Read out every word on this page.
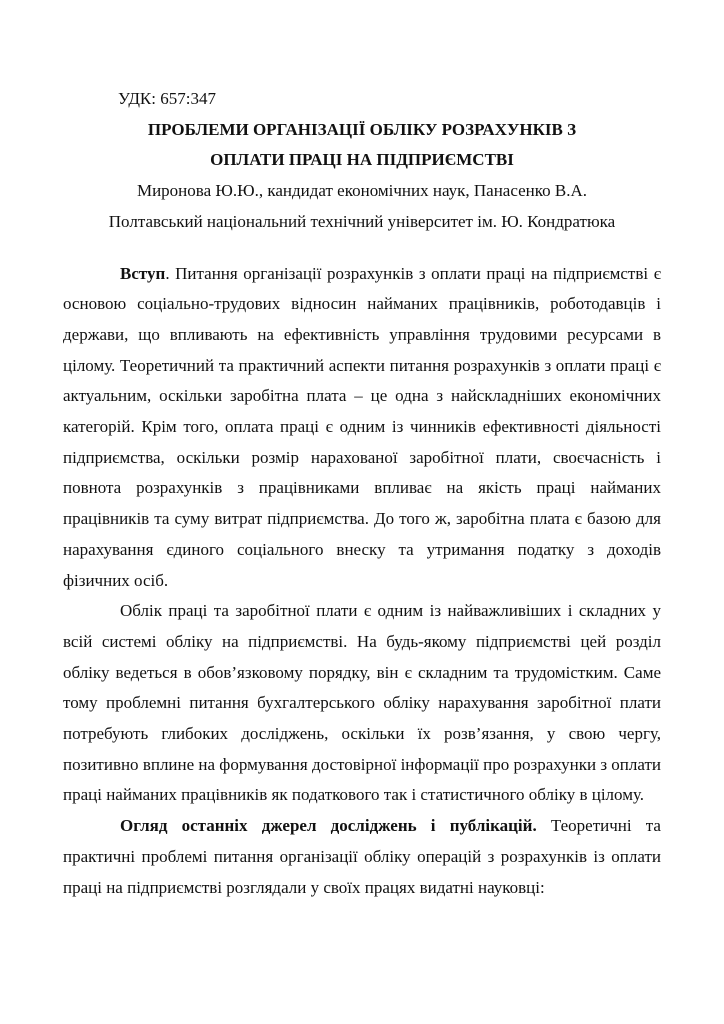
УДК: 657:347

ПРОБЛЕМИ ОРГАНІЗАЦІЇ ОБЛІКУ РОЗРАХУНКІВ З
ОПЛАТИ ПРАЦІ НА ПІДПРИЄМСТВІ

Миронова Ю.Ю., кандидат економічних наук, Панасенко В.А.

Полтавський національний технічний університет ім. Ю. Кондратюка

Вступ. Питання організації розрахунків з оплати праці на підприємстві є основою соціально-трудових відносин найманих працівників, роботодавців і держави, що впливають на ефективність управління трудовими ресурсами в цілому. Теоретичний та практичний аспекти питання розрахунків з оплати праці є актуальним, оскільки заробітна плата – це одна з найскладніших економічних категорій. Крім того, оплата праці є одним із чинників ефективності діяльності підприємства, оскільки розмір нарахованої заробітної плати, своєчасність і повнота розрахунків з працівниками впливає на якість праці найманих працівників та суму витрат підприємства. До того ж, заробітна плата є базою для нарахування єдиного соціального внеску та утримання податку з доходів фізичних осіб.

Облік праці та заробітної плати є одним із найважливіших і складних у всій системі обліку на підприємстві. На будь-якому підприємстві цей розділ обліку ведеться в обов’язковому порядку, він є складним та трудомістким. Саме тому проблемні питання бухгалтерського обліку нарахування заробітної плати потребують глибоких досліджень, оскільки їх розв’язання, у свою чергу, позитивно вплине на формування достовірної інформації про розрахунки з оплати праці найманих працівників як податкового так і статистичного обліку в цілому.

Огляд останніх джерел досліджень і публікацій. Теоретичні та практичні проблемі питання організації обліку операцій з розрахунків із оплати праці на підприємстві розглядали у своїх працях видатні науковці:
